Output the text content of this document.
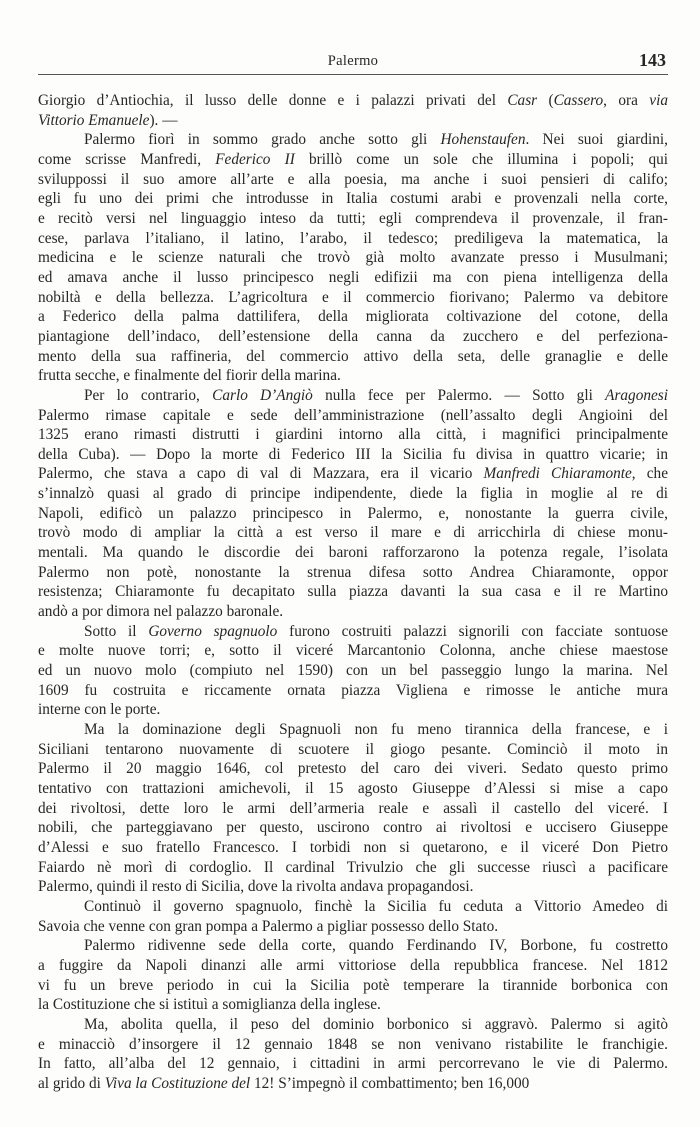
Palermo	143
Giorgio d’Antiochia, il lusso delle donne e i palazzi privati del Casr (Cassero, ora via
Vittorio Emanuele). —
Palermo fiorì in sommo grado anche sotto gli Hohenstaufen. Nei suoi giardini,
come scrisse Manfredi, Federico II brillò come un sole che illumina i popoli; qui
sviluppossi il suo amore all’arte e alla poesia, ma anche i suoi pensieri di califo;
egli fu uno dei primi che introdusse in Italia costumi arabi e provenzali nella corte,
e recitò versi nel linguaggio inteso da tutti; egli comprendeva il provenzale, il fran-
cese, parlava l’italiano, il latino, l’arabo, il tedesco; prediligeva la matematica, la
medicina e le scienze naturali che trovò già molto avanzate presso i Musulmani;
ed amava anche il lusso principesco negli edifizii ma con piena intelligenza della
nobiltà e della bellezza. L’agricoltura e il commercio fiorivano; Palermo va debitore
a Federico della palma dattilifera, della migliorata coltivazione del cotone, della
piantagione dell’indaco, dell’estensione della canna da zucchero e del perfeziona-
mento della sua raffineria, del commercio attivo della seta, delle granaglie e delle
frutta secche, e finalmente del fiorir della marina.
Per lo contrario, Carlo D’Angiò nulla fece per Palermo. — Sotto gli Aragonesi
Palermo rimase capitale e sede dell’amministrazione (nell’assalto degli Angioini del
1325 erano rimasti distrutti i giardini intorno alla città, i magnifici principalmente
della Cuba). — Dopo la morte di Federico III la Sicilia fu divisa in quattro vicarie; in
Palermo, che stava a capo di val di Mazzara, era il vicario Manfredi Chiaramonte, che
s’innalzò quasi al grado di principe indipendente, diede la figlia in moglie al re di
Napoli, edificò un palazzo principesco in Palermo, e, nonostante la guerra civile,
trovò modo di ampliar la città a est verso il mare e di arricchirla di chiese monu-
mentali. Ma quando le discordie dei baroni rafforzarono la potenza regale, l’isolata
Palermo non potè, nonostante la strenua difesa sotto Andrea Chiaramonte, oppor
resistenza; Chiaramonte fu decapitato sulla piazza davanti la sua casa e il re Martino
andò a por dimora nel palazzo baronale.
Sotto il Governo spagnuolo furono costruiti palazzi signorili con facciate sontuose
e molte nuove torri; e, sotto il viceré Marcantonio Colonna, anche chiese maestose
ed un nuovo molo (compiuto nel 1590) con un bel passeggio lungo la marina. Nel
1609 fu costruita e riccamente ornata piazza Vigliena e rimosse le antiche mura
interne con le porte.
Ma la dominazione degli Spagnuoli non fu meno tirannica della francese, e i
Siciliani tentarono nuovamente di scuotere il giogo pesante. Cominciò il moto in
Palermo il 20 maggio 1646, col pretesto del caro dei viveri. Sedato questo primo
tentativo con trattazioni amichevoli, il 15 agosto Giuseppe d’Alessi si mise a capo
dei rivoltosi, dette loro le armi dell’armeria reale e assalì il castello del viceré. I
nobili, che parteggiavano per questo, uscirono contro ai rivoltosi e uccisero Giuseppe
d’Alessi e suo fratello Francesco. I torbidi non si quetarono, e il viceré Don Pietro
Faiardo nè morì di cordoglio. Il cardinal Trivulzio che gli successe riuscì a pacificare
Palermo, quindi il resto di Sicilia, dove la rivolta andava propagandosi.
Continuò il governo spagnuolo, finchè la Sicilia fu ceduta a Vittorio Amedeo di
Savoia che venne con gran pompa a Palermo a pigliar possesso dello Stato.
Palermo ridivenne sede della corte, quando Ferdinando IV, Borbone, fu costretto
a fuggire da Napoli dinanzi alle armi vittoriose della repubblica francese. Nel 1812
vi fu un breve periodo in cui la Sicilia potè temperare la tirannide borbonica con
la Costituzione che si istituì a somiglianza della inglese.
Ma, abolita quella, il peso del dominio borbonico si aggravò. Palermo si agitò
e minacciò d’insorgere il 12 gennaio 1848 se non venivano ristabilite le franchigie.
In fatto, all’alba del 12 gennaio, i cittadini in armi percorrevano le vie di Palermo.
al grido di Viva la Costituzione del 12! S’impegnò il combattimento; ben 16,000
